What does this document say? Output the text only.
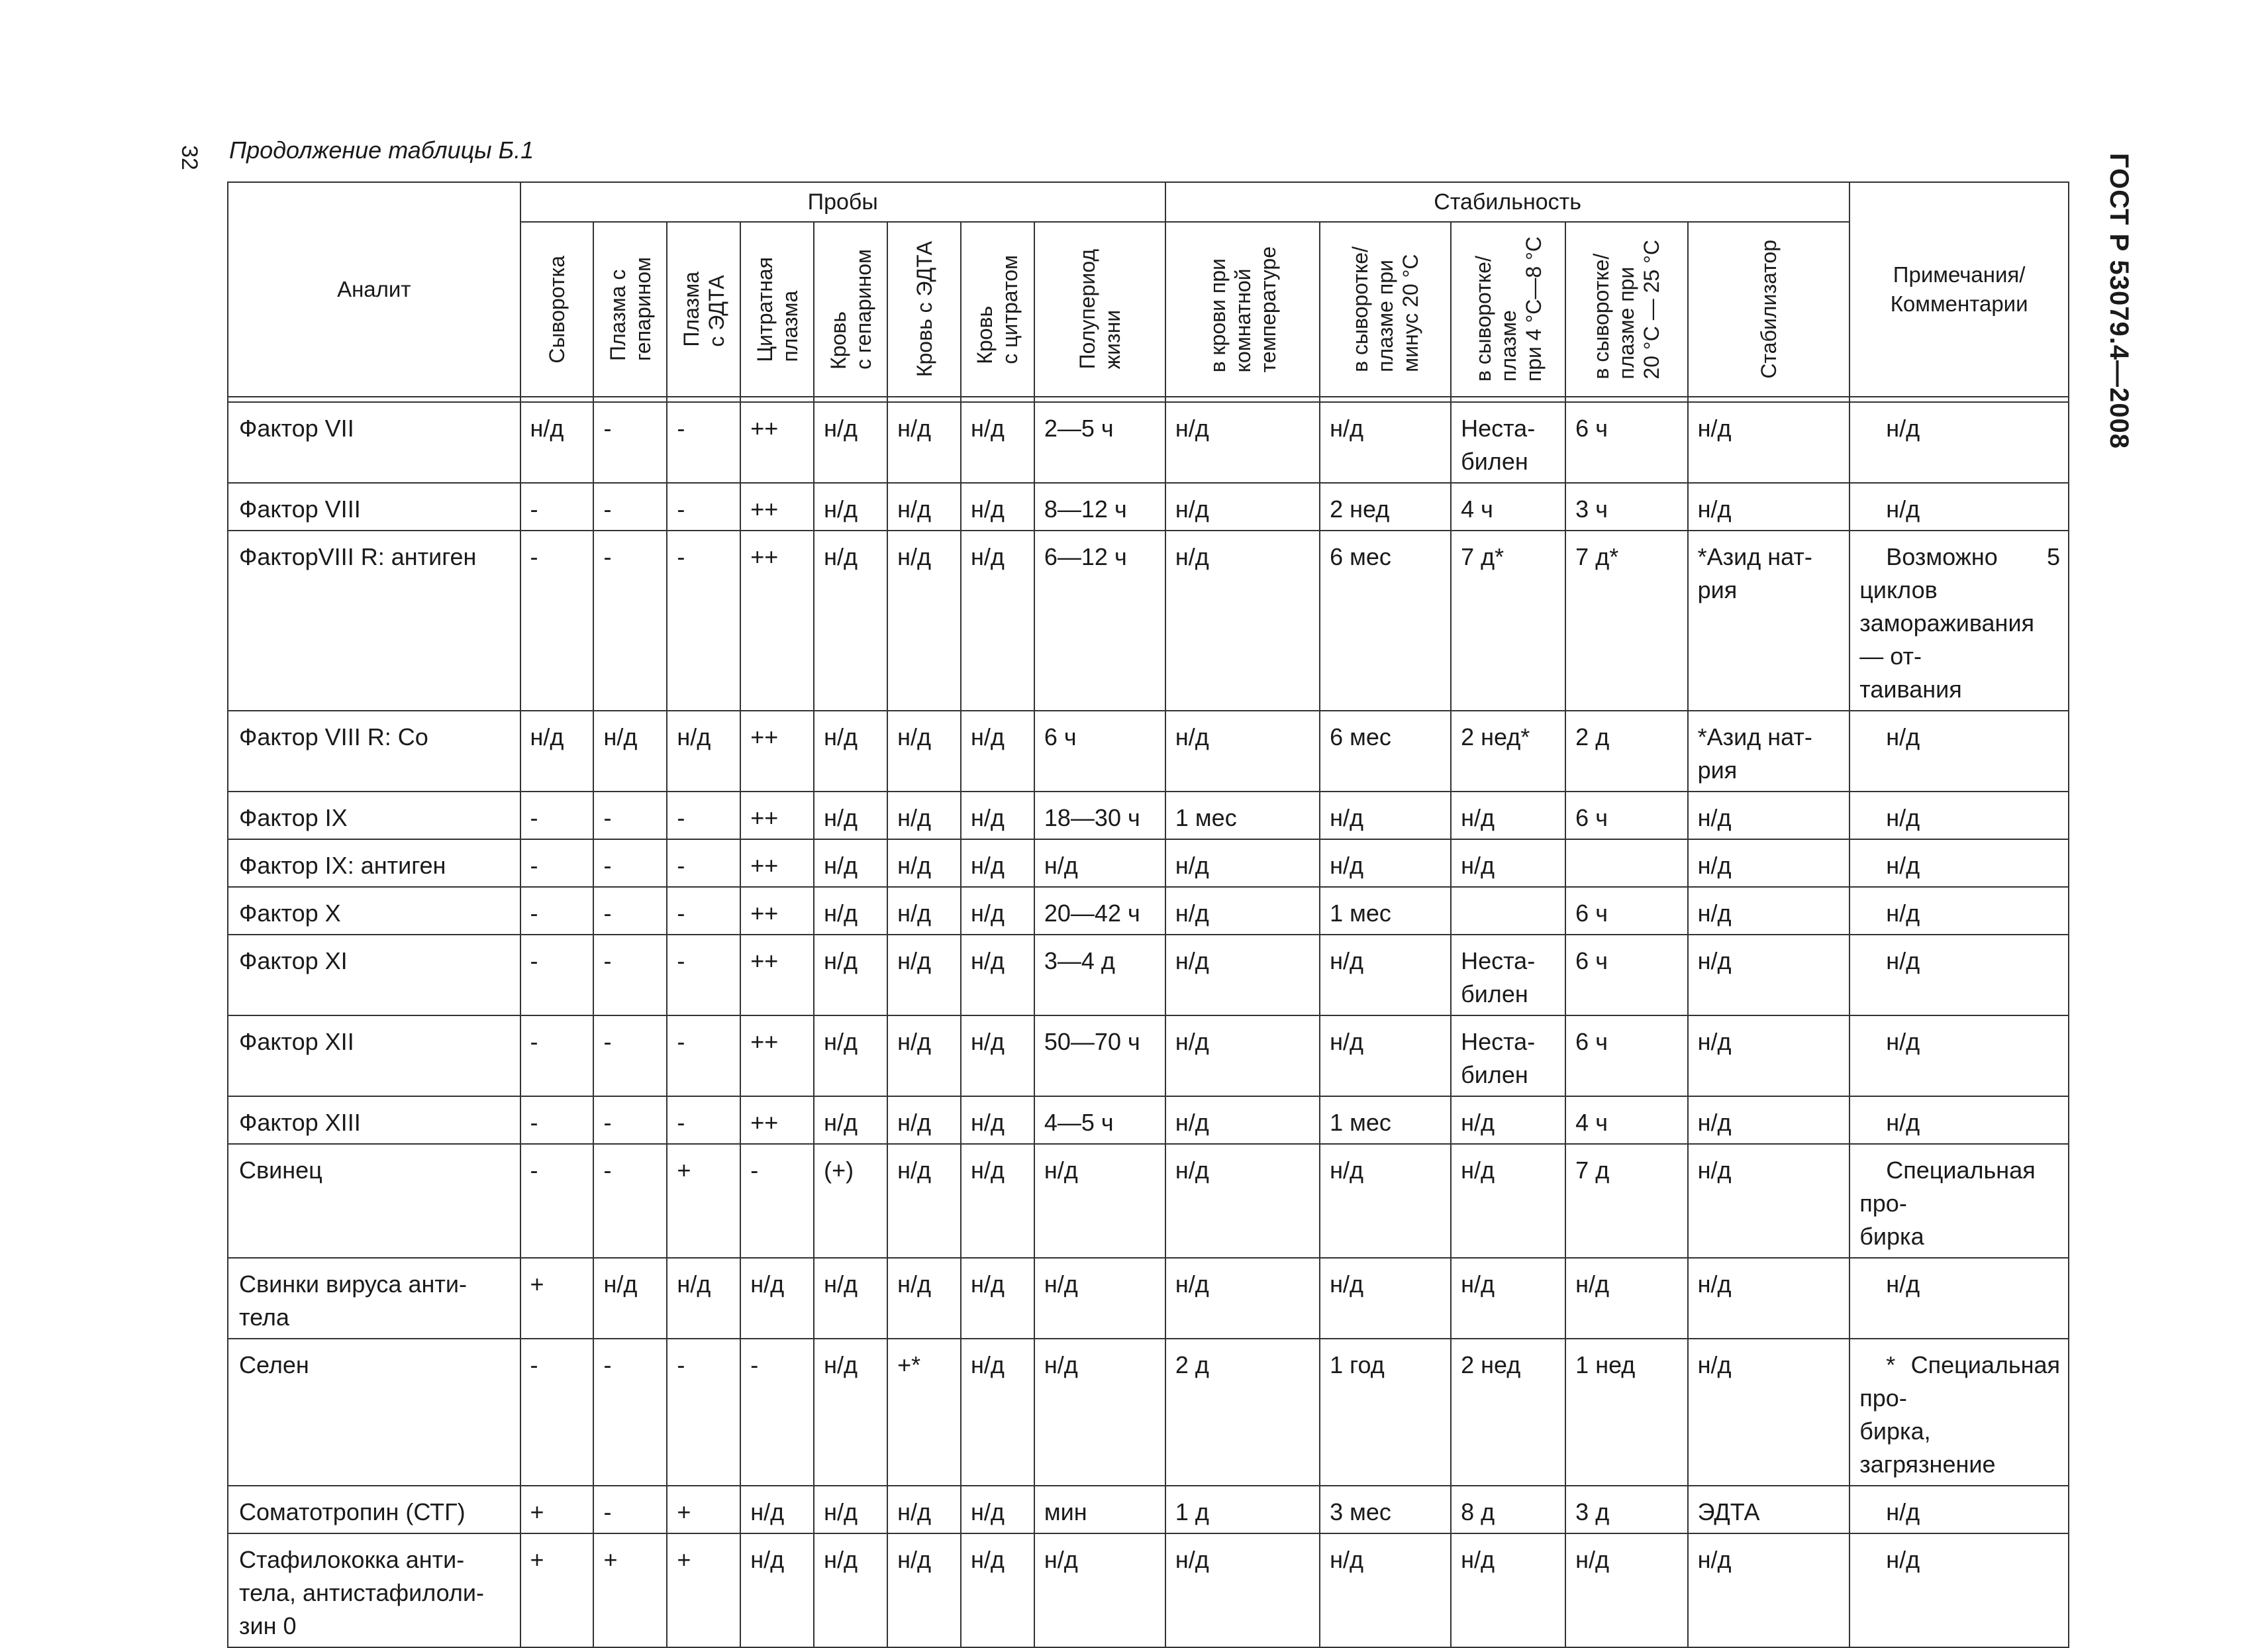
32 Продолжение таблицы Б.1
ГОСТ Р 53079.4—2008
Аналит	Пробы								Стабильность					Примечания/
Комментарии

	Сыворотка	Плазма с
гепарином	Плазма
с ЭДТА	Цитратная
плазма	Кровь
с гепарином	Кровь с ЭДТА	Кровь
с цитратом	Полупериод
жизни	в крови при
комнатной
температуре	в сыворотке/
плазме при
минус 20 °С	в сыворотке/
плазме
при 4 °С—8 °С	в сыворотке/
плазме при
20 °С — 25 °С	Стабилизатор	

Фактор VII	н/д	-	-	++	н/д	н/д	н/д	2—5 ч	н/д	н/д	Неста-
билен	6 ч	н/д	н/д
Фактор VIII	-	-	-	++	н/д	н/д	н/д	8—12 ч	н/д	2 нед	4 ч	3 ч	н/д	н/д
ФакторVIII R: антиген	-	-	-	++	н/д	н/д	н/д	6—12 ч	н/д	6 мес	7 д*	7 д*	*Азид нат-
рия	Возможно 5 циклов замораживания — от-
таивания
Фактор VIII R: Со	н/д	н/д	н/д	++	н/д	н/д	н/д	6 ч	н/д	6 мес	2 нед*	2 д	*Азид нат-
рия	н/д
Фактор IX	-	-	-	++	н/д	н/д	н/д	18—30 ч	1 мес	н/д	н/д	6 ч	н/д	н/д
Фактор IX: антиген	-	-	-	++	н/д	н/д	н/д	н/д	н/д	н/д	н/д		н/д	н/д
Фактор X	-	-	-	++	н/д	н/д	н/д	20—42 ч	н/д	1 мес		6 ч	н/д	н/д
Фактор XI	-	-	-	++	н/д	н/д	н/д	3—4 д	н/д	н/д	Неста-
билен	6 ч	н/д	н/д
Фактор XII	-	-	-	++	н/д	н/д	н/д	50—70 ч	н/д	н/д	Неста-
билен	6 ч	н/д	н/д
Фактор XIII	-	-	-	++	н/д	н/д	н/д	4—5 ч	н/д	1 мес	н/д	4 ч	н/д	н/д
Свинец	-	-	+	-	(+)	н/д	н/д	н/д	н/д	н/д	н/д	7 д	н/д	Специальная про-
бирка
Свинки вируса анти-
тела	+	н/д	н/д	н/д	н/д	н/д	н/д	н/д	н/д	н/д	н/д	н/д	н/д	н/д
Селен	-	-	-	-	н/д	+*	н/д	н/д	2 д	1 год	2 нед	1 нед	н/д	* Специальная про-
бирка, загрязнение
Соматотропин (СТГ)	+	-	+	н/д	н/д	н/д	н/д	мин	1 д	3 мес	8 д	3 д	ЭДТА	н/д
Стафилококка анти-
тела, антистафилоли-
зин 0	+	+	+	н/д	н/д	н/д	н/д	н/д	н/д	н/д	н/д	н/д	н/д	н/д
